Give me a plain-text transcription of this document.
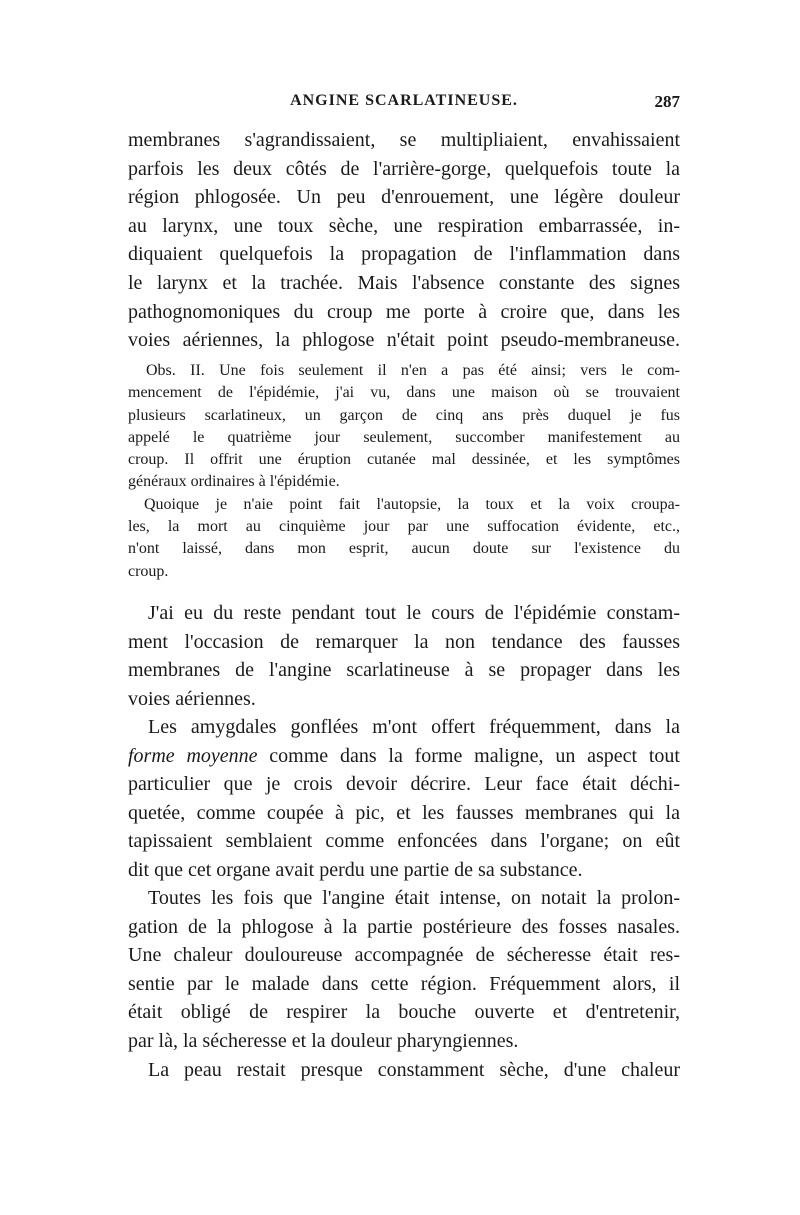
ANGINE SCARLATINEUSE.	287
membranes s'agrandissaient, se multipliaient, envahissaient
parfois les deux côtés de l'arrière-gorge, quelquefois toute la
région phlogosée. Un peu d'enrouement, une légère douleur
au larynx, une toux sèche, une respiration embarrassée, in-
diquaient quelquefois la propagation de l'inflammation dans
le larynx et la trachée. Mais l'absence constante des signes
pathognomoniques du croup me porte à croire que, dans les
voies aériennes, la phlogose n'était point pseudo-membraneuse.
Obs. II. Une fois seulement il n'en a pas été ainsi; vers le com-
mencement de l'épidémie, j'ai vu, dans une maison où se trouvaient
plusieurs scarlatineux, un garçon de cinq ans près duquel je fus
appelé le quatrième jour seulement, succomber manifestement au
croup. Il offrit une éruption cutanée mal dessinée, et les symptômes
généraux ordinaires à l'épidémie.
Quoique je n'aie point fait l'autopsie, la toux et la voix croupa-
les, la mort au cinquième jour par une suffocation évidente, etc.,
n'ont laissé, dans mon esprit, aucun doute sur l'existence du
croup.
J'ai eu du reste pendant tout le cours de l'épidémie constam-
ment l'occasion de remarquer la non tendance des fausses
membranes de l'angine scarlatineuse à se propager dans les
voies aériennes.
Les amygdales gonflées m'ont offert fréquemment, dans la
forme moyenne comme dans la forme maligne, un aspect tout
particulier que je crois devoir décrire. Leur face était déchi-
quetée, comme coupée à pic, et les fausses membranes qui la
tapissaient semblaient comme enfoncées dans l'organe; on eût
dit que cet organe avait perdu une partie de sa substance.
Toutes les fois que l'angine était intense, on notait la prolon-
gation de la phlogose à la partie postérieure des fosses nasales.
Une chaleur douloureuse accompagnée de sécheresse était res-
sentie par le malade dans cette région. Fréquemment alors, il
était obligé de respirer la bouche ouverte et d'entretenir,
par là, la sécheresse et la douleur pharyngiennes.
La peau restait presque constamment sèche, d'une chaleur
